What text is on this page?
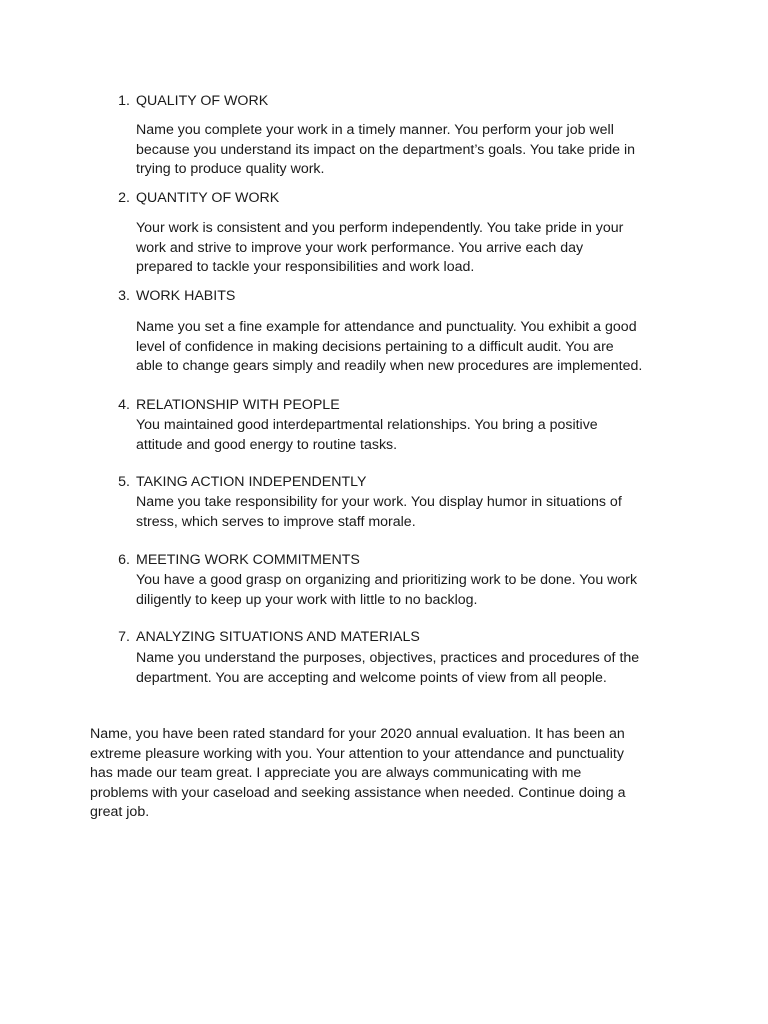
1. QUALITY OF WORK
Name you complete your work in a timely manner. You perform your job well
because you understand its impact on the department’s goals. You take pride in
trying to produce quality work.
2. QUANTITY OF WORK
Your work is consistent and you perform independently. You take pride in your
work and strive to improve your work performance. You arrive each day
prepared to tackle your responsibilities and work load.
3. WORK HABITS
Name you set a fine example for attendance and punctuality. You exhibit a good
level of confidence in making decisions pertaining to a difficult audit. You are
able to change gears simply and readily when new procedures are implemented.
4. RELATIONSHIP WITH PEOPLE
You maintained good interdepartmental relationships. You bring a positive
attitude and good energy to routine tasks.
5. TAKING ACTION INDEPENDENTLY
Name you take responsibility for your work. You display humor in situations of
stress, which serves to improve staff morale.
6. MEETING WORK COMMITMENTS
You have a good grasp on organizing and prioritizing work to be done. You work
diligently to keep up your work with little to no backlog.
7. ANALYZING SITUATIONS AND MATERIALS
Name you understand the purposes, objectives, practices and procedures of the
department. You are accepting and welcome points of view from all people.
Name, you have been rated standard for your 2020 annual evaluation. It has been an
extreme pleasure working with you. Your attention to your attendance and punctuality
has made our team great. I appreciate you are always communicating with me
problems with your caseload and seeking assistance when needed. Continue doing a
great job.
